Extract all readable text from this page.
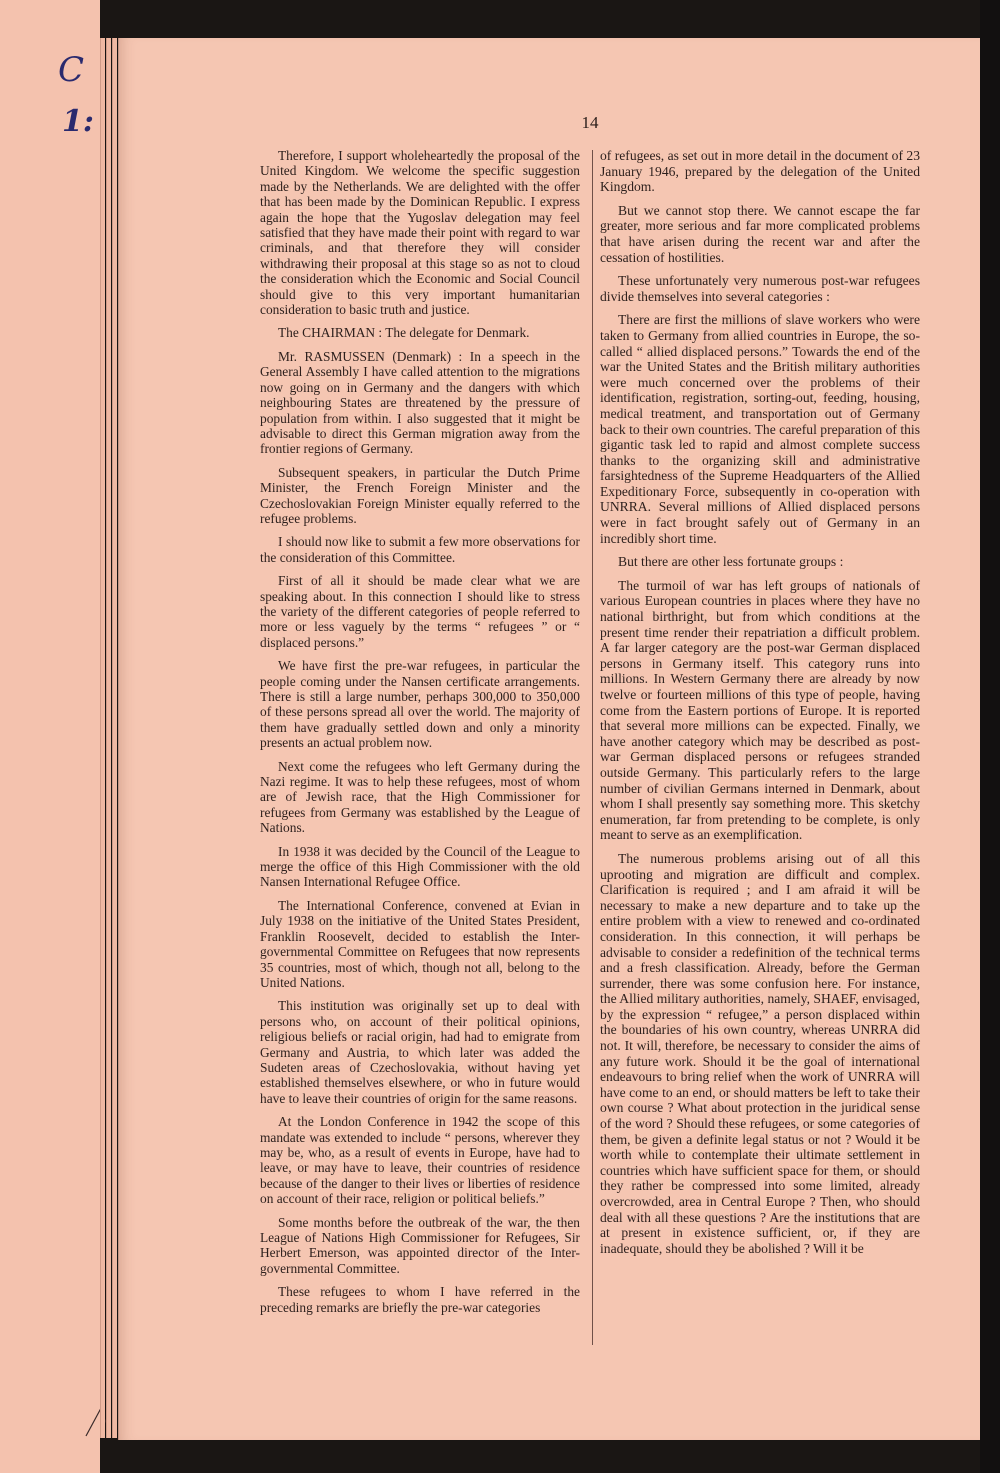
C
1:	14

Therefore, I support wholeheartedly the proposal of the United Kingdom. We welcome the specific suggestion made by the Netherlands. We are delighted with the offer that has been made by the Dominican Republic. I express again the hope that the Yugoslav delegation may feel satisfied that they have made their point with regard to war criminals, and that therefore they will consider withdrawing their proposal at this stage so as not to cloud the consideration which the Economic and Social Council should give to this very important humanitarian consideration to basic truth and justice.

The CHAIRMAN : The delegate for Denmark.

Mr. RASMUSSEN (Denmark) : In a speech in the General Assembly I have called attention to the migrations now going on in Germany and the dangers with which neighbouring States are threatened by the pressure of population from within. I also suggested that it might be advisable to direct this German migration away from the frontier regions of Germany.

Subsequent speakers, in particular the Dutch Prime Minister, the French Foreign Minister and the Czechoslovakian Foreign Minister equally referred to the refugee problems.

I should now like to submit a few more observations for the consideration of this Committee.

First of all it should be made clear what we are speaking about. In this connection I should like to stress the variety of the different categories of people referred to more or less vaguely by the terms “ refugees ” or “ displaced persons.”

We have first the pre-war refugees, in particular the people coming under the Nansen certificate arrangements. There is still a large number, perhaps 300,000 to 350,000 of these persons spread all over the world. The majority of them have gradually settled down and only a minority presents an actual problem now.

Next come the refugees who left Germany during the Nazi regime. It was to help these refugees, most of whom are of Jewish race, that the High Commissioner for refugees from Germany was established by the League of Nations.

In 1938 it was decided by the Council of the League to merge the office of this High Commissioner with the old Nansen International Refugee Office.

The International Conference, convened at Evian in July 1938 on the initiative of the United States President, Franklin Roosevelt, decided to establish the Inter-governmental Committee on Refugees that now represents 35 countries, most of which, though not all, belong to the United Nations.

This institution was originally set up to deal with persons who, on account of their political opinions, religious beliefs or racial origin, had had to emigrate from Germany and Austria, to which later was added the Sudeten areas of Czechoslovakia, without having yet established themselves elsewhere, or who in future would have to leave their countries of origin for the same reasons.

At the London Conference in 1942 the scope of this mandate was extended to include “ persons, wherever they may be, who, as a result of events in Europe, have had to leave, or may have to leave, their countries of residence because of the danger to their lives or liberties of residence on account of their race, religion or political beliefs.”

Some months before the outbreak of the war, the then League of Nations High Commissioner for Refugees, Sir Herbert Emerson, was appointed director of the Inter-governmental Committee.

These refugees to whom I have referred in the preceding remarks are briefly the pre-war categories

of refugees, as set out in more detail in the document of 23 January 1946, prepared by the delegation of the United Kingdom.

But we cannot stop there. We cannot escape the far greater, more serious and far more complicated problems that have arisen during the recent war and after the cessation of hostilities.

These unfortunately very numerous post-war refugees divide themselves into several categories :

There are first the millions of slave workers who were taken to Germany from allied countries in Europe, the so-called “ allied displaced persons.” Towards the end of the war the United States and the British military authorities were much concerned over the problems of their identification, registration, sorting-out, feeding, housing, medical treatment, and transportation out of Germany back to their own countries. The careful preparation of this gigantic task led to rapid and almost complete success thanks to the organizing skill and administrative farsightedness of the Supreme Headquarters of the Allied Expeditionary Force, subsequently in co-operation with UNRRA. Several millions of Allied displaced persons were in fact brought safely out of Germany in an incredibly short time.

But there are other less fortunate groups :

The turmoil of war has left groups of nationals of various European countries in places where they have no national birthright, but from which conditions at the present time render their repatriation a difficult problem. A far larger category are the post-war German displaced persons in Germany itself. This category runs into millions. In Western Germany there are already by now twelve or fourteen millions of this type of people, having come from the Eastern portions of Europe. It is reported that several more millions can be expected. Finally, we have another category which may be described as post-war German displaced persons or refugees stranded outside Germany. This particularly refers to the large number of civilian Germans interned in Denmark, about whom I shall presently say something more. This sketchy enumeration, far from pretending to be complete, is only meant to serve as an exemplification.

The numerous problems arising out of all this uprooting and migration are difficult and complex. Clarification is required ; and I am afraid it will be necessary to make a new departure and to take up the entire problem with a view to renewed and co-ordinated consideration. In this connection, it will perhaps be advisable to consider a redefinition of the technical terms and a fresh classification. Already, before the German surrender, there was some confusion here. For instance, the Allied military authorities, namely, SHAEF, envisaged, by the expression “ refugee,” a person displaced within the boundaries of his own country, whereas UNRRA did not. It will, therefore, be necessary to consider the aims of any future work. Should it be the goal of international endeavours to bring relief when the work of UNRRA will have come to an end, or should matters be left to take their own course ? What about protection in the juridical sense of the word ? Should these refugees, or some categories of them, be given a definite legal status or not ? Would it be worth while to contemplate their ultimate settlement in countries which have sufficient space for them, or should they rather be compressed into some limited, already overcrowded, area in Central Europe ? Then, who should deal with all these questions ? Are the institutions that are at present in existence sufficient, or, if they are inadequate, should they be abolished ? Will it be
